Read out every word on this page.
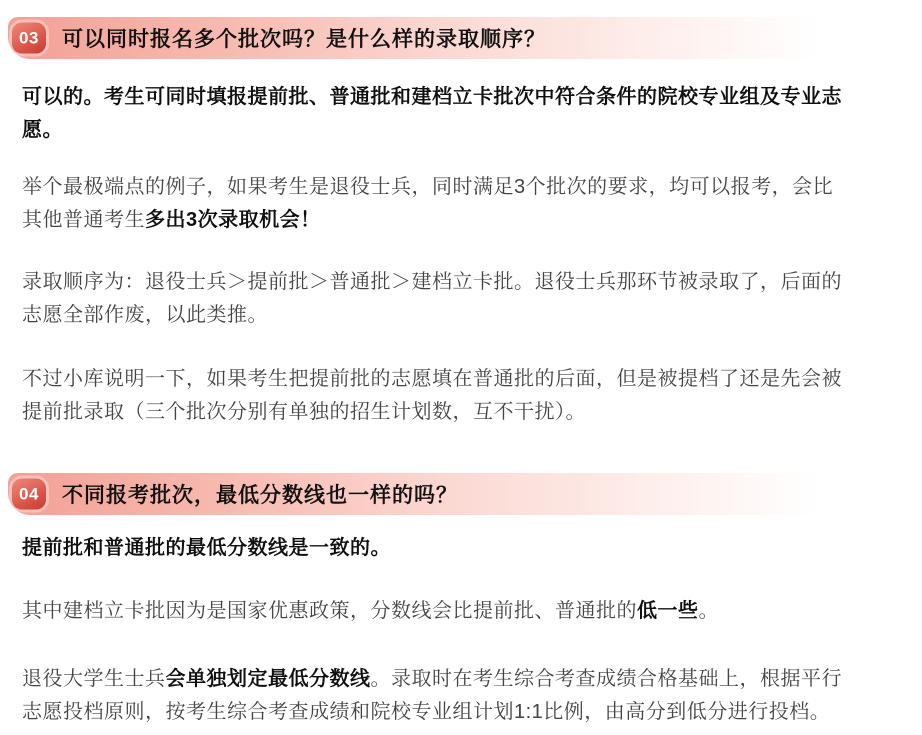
03	可以同时报名多个批次吗？是什么样的录取顺序？

可以的。考生可同时填报提前批、普通批和建档立卡批次中符合条件的院校专业组及专业志愿。

举个最极端点的例子，如果考生是退役士兵，同时满足3个批次的要求，均可以报考，会比其他普通考生多出3次录取机会！

录取顺序为：退役士兵＞提前批＞普通批＞建档立卡批。退役士兵那环节被录取了，后面的志愿全部作废，以此类推。

不过小库说明一下，如果考生把提前批的志愿填在普通批的后面，但是被提档了还是先会被提前批录取（三个批次分别有单独的招生计划数，互不干扰）。

04	不同报考批次，最低分数线也一样的吗？

提前批和普通批的最低分数线是一致的。

其中建档立卡批因为是国家优惠政策，分数线会比提前批、普通批的低一些。

退役大学生士兵会单独划定最低分数线。录取时在考生综合考查成绩合格基础上，根据平行志愿投档原则，按考生综合考查成绩和院校专业组计划1:1比例，由高分到低分进行投档。
